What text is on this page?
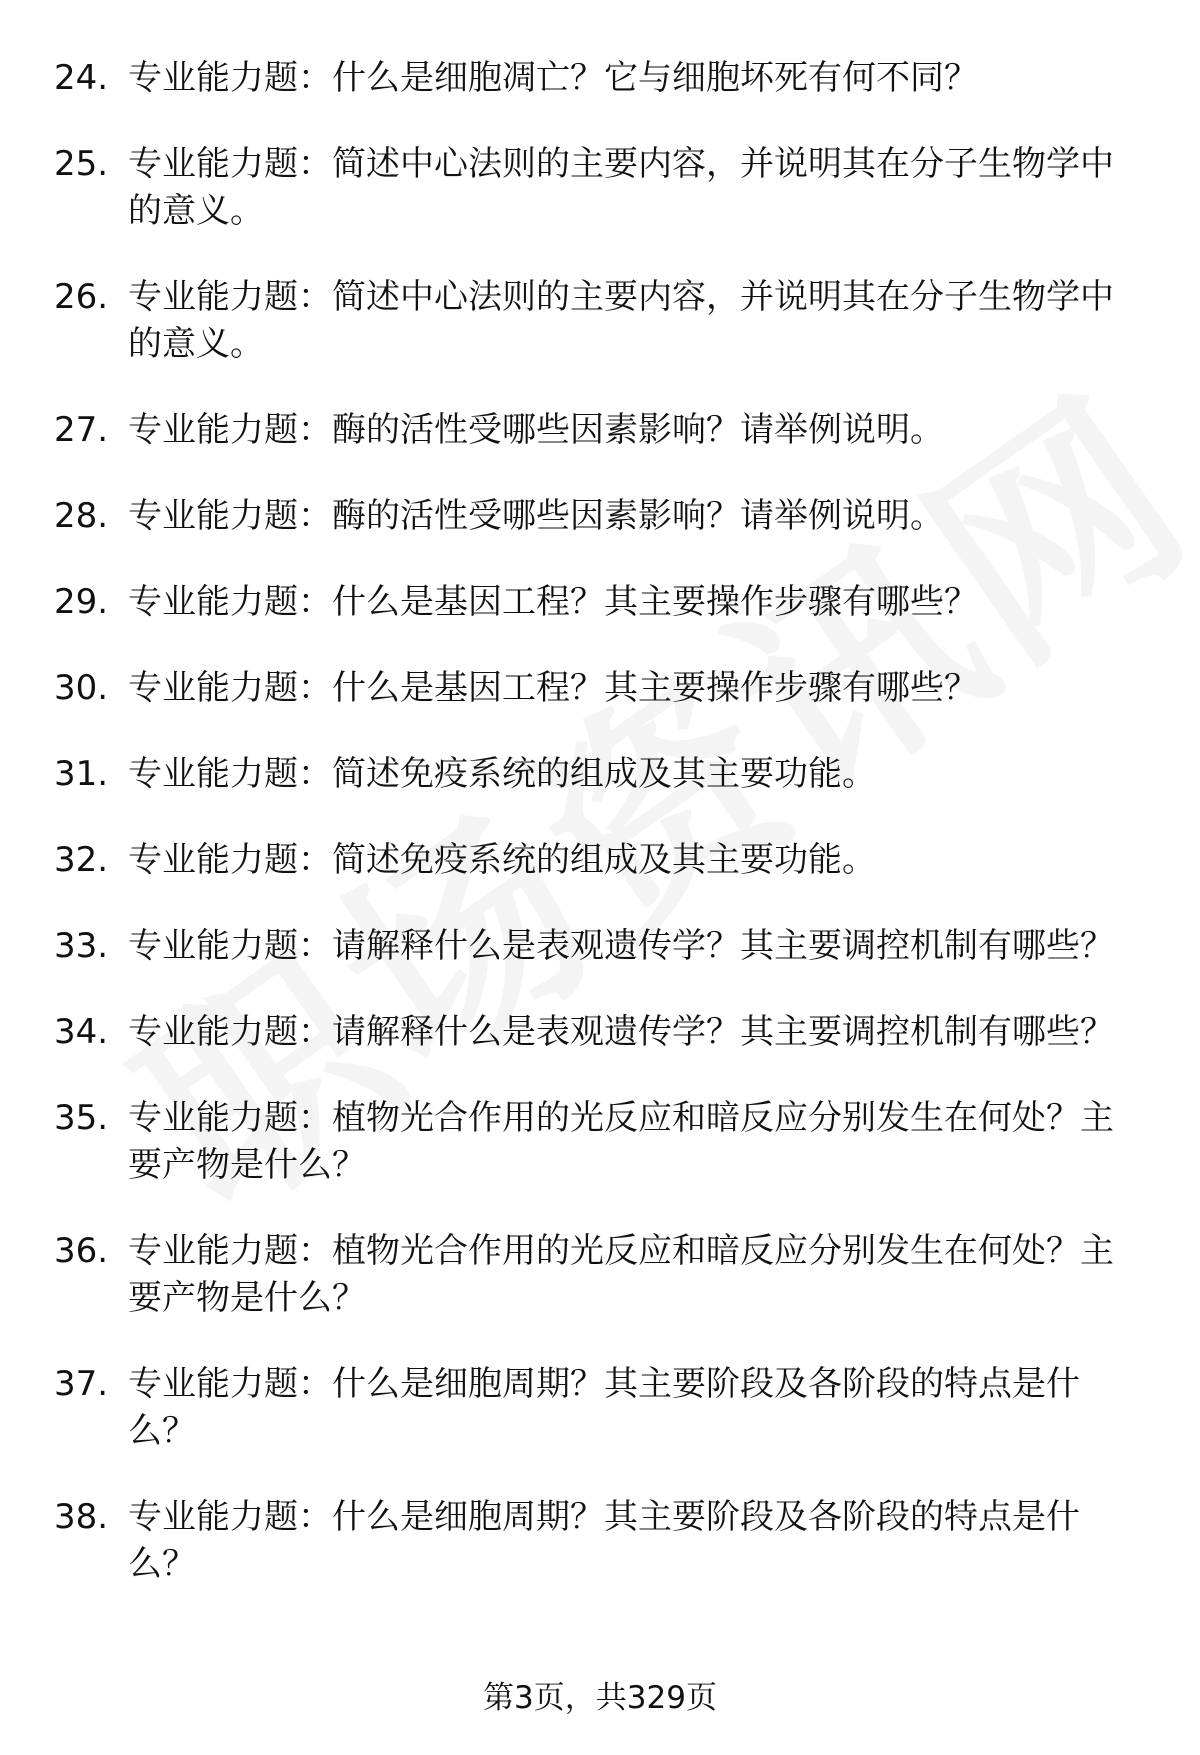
24. 专业能力题：什么是细胞凋亡？它与细胞坏死有何不同？
25. 专业能力题：简述中心法则的主要内容，并说明其在分子生物学中的意义。
26. 专业能力题：简述中心法则的主要内容，并说明其在分子生物学中的意义。
27. 专业能力题：酶的活性受哪些因素影响？请举例说明。
28. 专业能力题：酶的活性受哪些因素影响？请举例说明。
29. 专业能力题：什么是基因工程？其主要操作步骤有哪些？
30. 专业能力题：什么是基因工程？其主要操作步骤有哪些？
31. 专业能力题：简述免疫系统的组成及其主要功能。
32. 专业能力题：简述免疫系统的组成及其主要功能。
33. 专业能力题：请解释什么是表观遗传学？其主要调控机制有哪些？
34. 专业能力题：请解释什么是表观遗传学？其主要调控机制有哪些？
35. 专业能力题：植物光合作用的光反应和暗反应分别发生在何处？主要产物是什么？
36. 专业能力题：植物光合作用的光反应和暗反应分别发生在何处？主要产物是什么？
37. 专业能力题：什么是细胞周期？其主要阶段及各阶段的特点是什么？
38. 专业能力题：什么是细胞周期？其主要阶段及各阶段的特点是什么？
第3页，共329页
